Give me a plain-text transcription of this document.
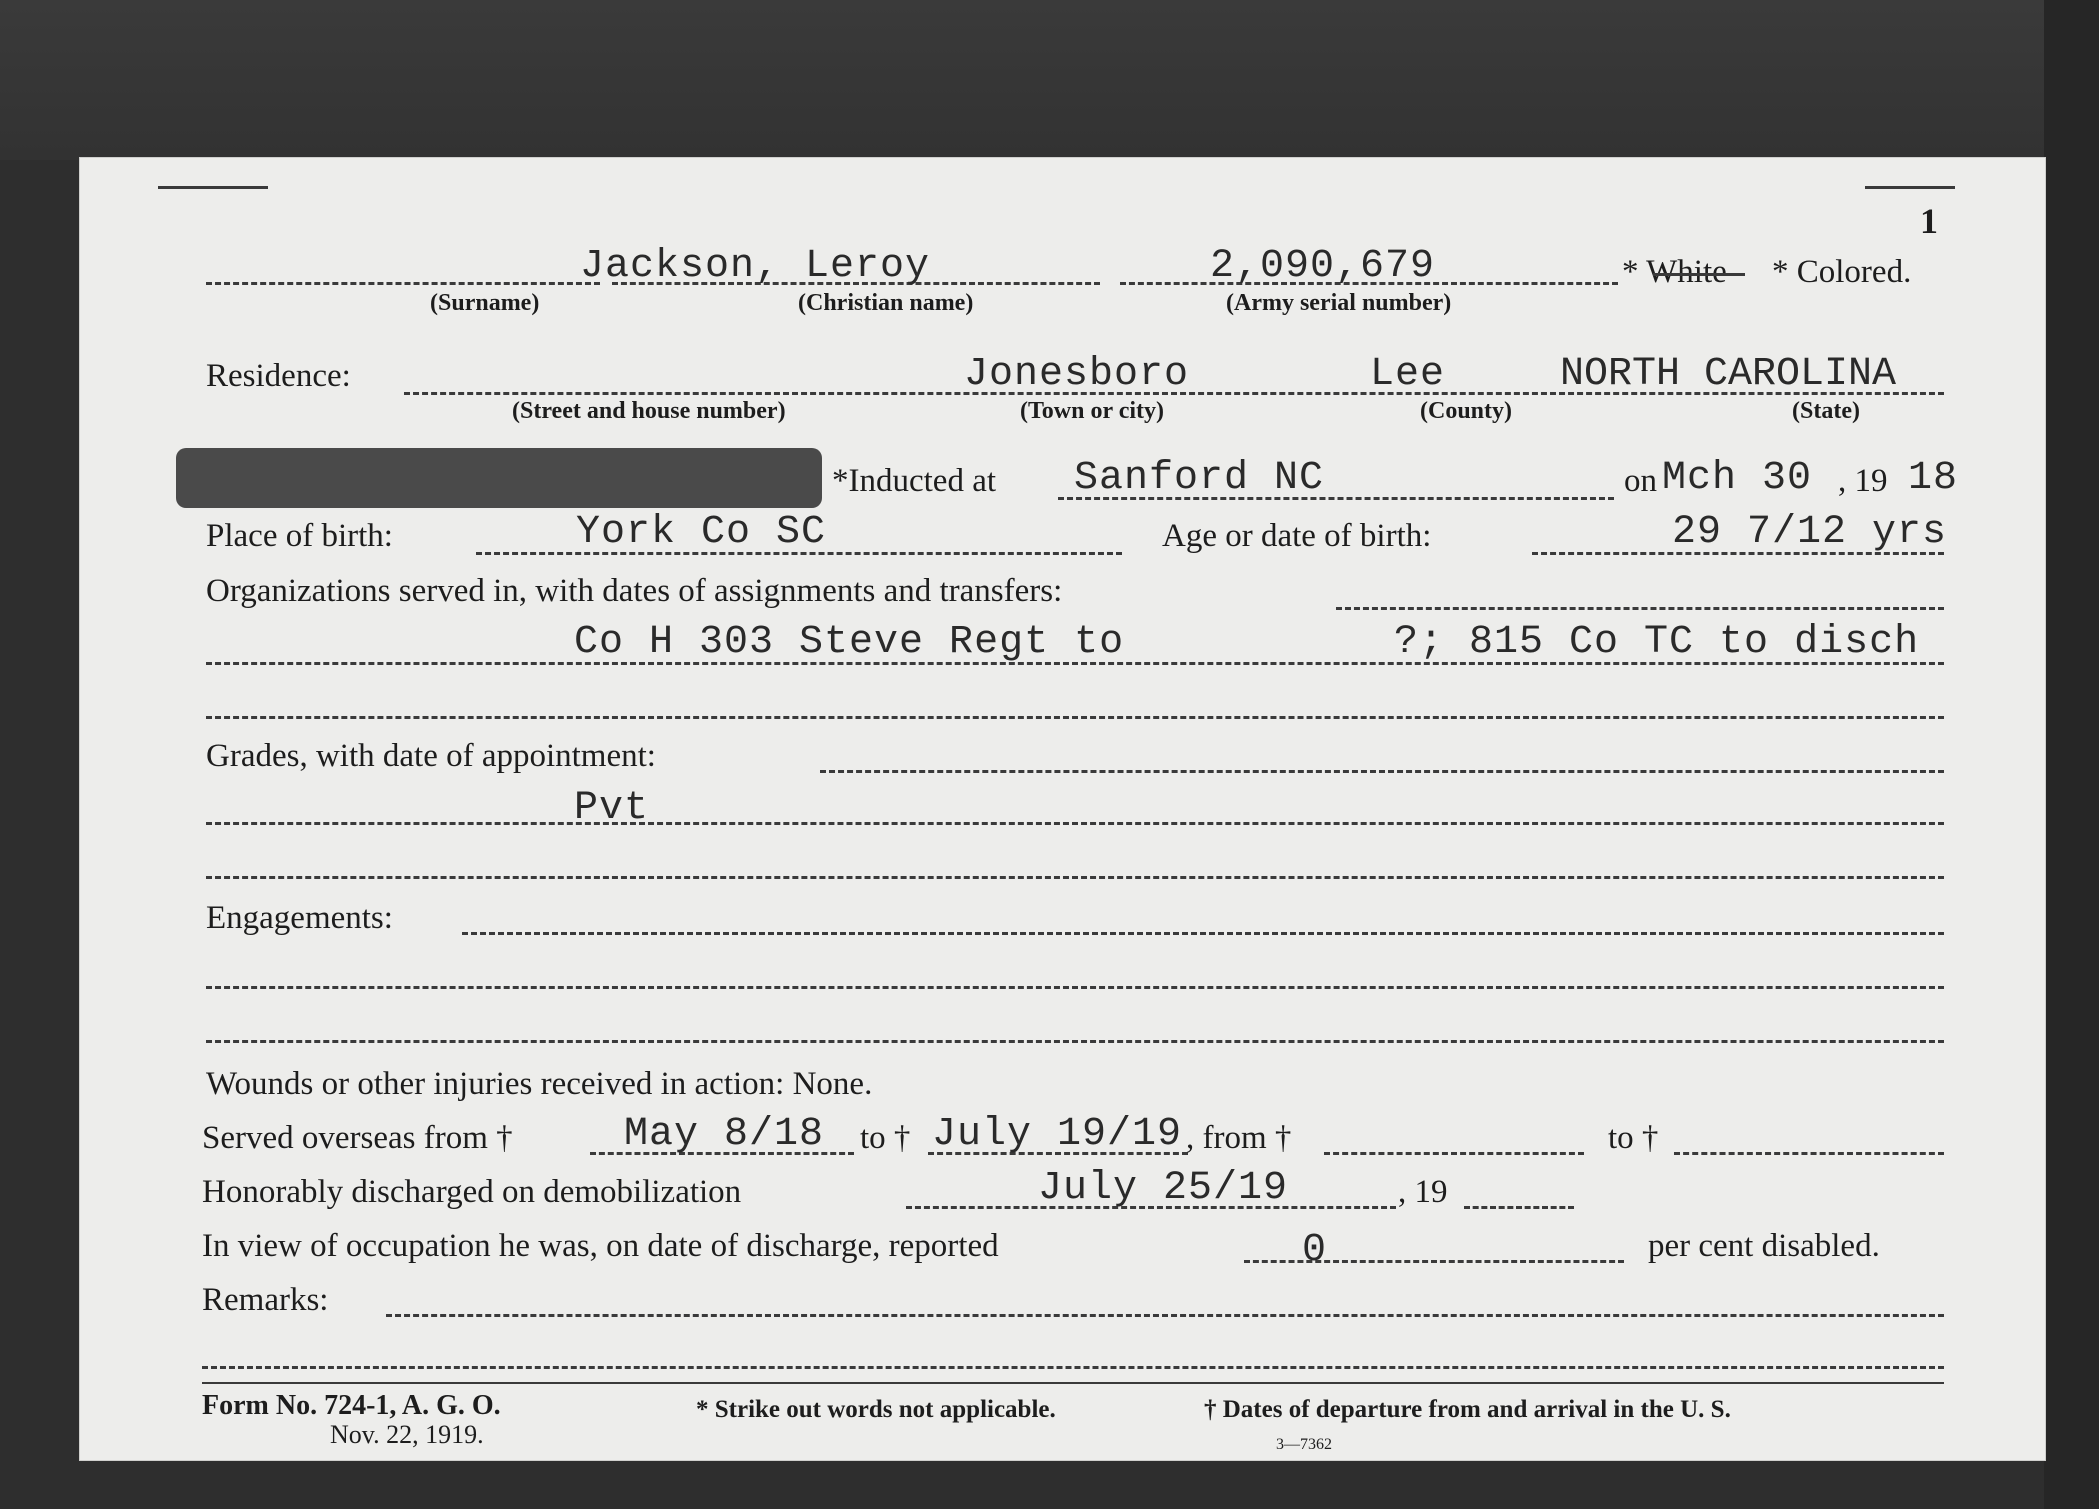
1
Jackson, Leroy	2,090,679	* White * Colored.
(Surname)	(Christian name)	(Army serial number)
Residence:	Jonesboro	Lee	NORTH CAROLINA
(Street and house number)	(Town or city)	(County)	(State)
*Inducted at Sanford NC	on Mch 30 , 19 18
Place of birth:	York Co SC	Age or date of birth:	29 7/12 yrs
Organizations served in, with dates of assignments and transfers:
Co H 303 Steve Regt to	?; 815 Co TC to disch
Grades, with date of appointment:
Pvt
Engagements:
Wounds or other injuries received in action: None.
Served overseas from †	May 8/18 to † July 19/19 , from †	to †
Honorably discharged on demobilization	July 25/19	, 19
In view of occupation he was, on date of discharge, reported	0	per cent disabled.
Remarks:
Form No. 724-1, A. G. O.
Nov. 22, 1919.
* Strike out words not applicable.	† Dates of departure from and arrival in the U. S.
3—7362
